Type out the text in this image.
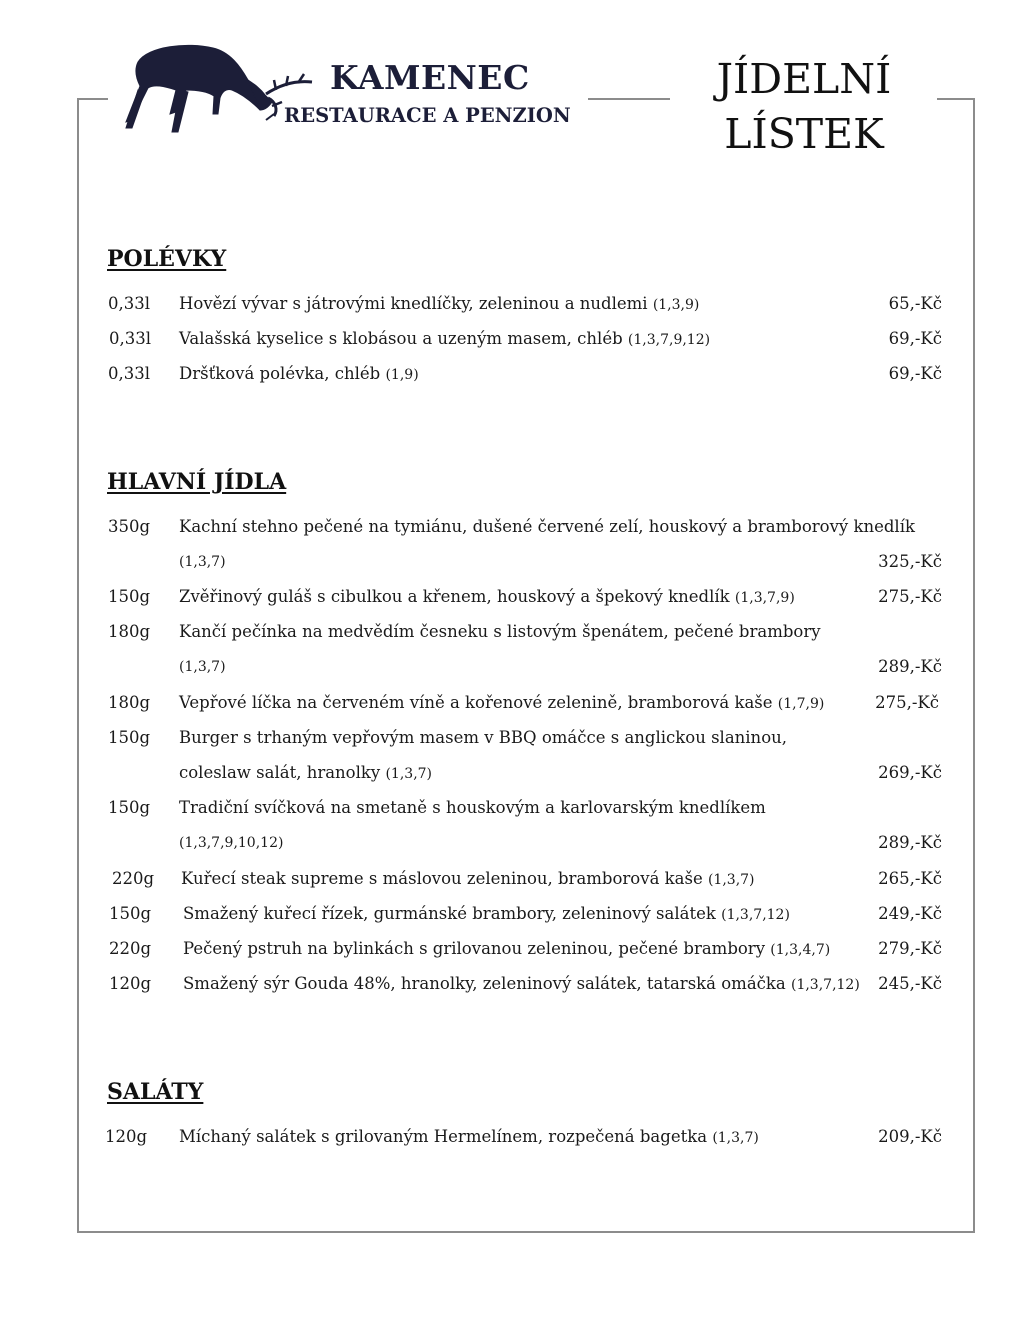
KAMENEC
RESTAURACE A PENZION
JÍDELNÍ
LÍSTEK
POLÉVKY
0,33l Hovězí vývar s játrovými knedlíčky, zeleninou a nudlemi (1,3,9)	65,-Kč
0,33l Valašská kyselice s klobásou a uzeným masem, chléb (1,3,7,9,12)	69,-Kč
0,33l Dršťková polévka, chléb (1,9)	69,-Kč
HLAVNÍ JÍDLA
350g Kachní stehno pečené na tymiánu, dušené červené zelí, houskový a bramborový knedlík
(1,3,7)	325,-Kč
150g Zvěřinový guláš s cibulkou a křenem, houskový a špekový knedlík (1,3,7,9)	275,-Kč
180g Kančí pečínka na medvědím česneku s listovým špenátem, pečené brambory
(1,3,7)	289,-Kč
180g Vepřové líčka na červeném víně a kořenové zelenině, bramborová kaše (1,7,9)	275,-Kč
150g Burger s trhaným vepřovým masem v BBQ omáčce s anglickou slaninou,
coleslaw salát, hranolky (1,3,7)	269,-Kč
150g Tradiční svíčková na smetaně s houskovým a karlovarským knedlíkem
(1,3,7,9,10,12)	289,-Kč
220g Kuřecí steak supreme s máslovou zeleninou, bramborová kaše (1,3,7)	265,-Kč
150g Smažený kuřecí řízek, gurmánské brambory, zeleninový salátek (1,3,7,12)	249,-Kč
220g Pečený pstruh na bylinkách s grilovanou zeleninou, pečené brambory (1,3,4,7)	279,-Kč
120g Smažený sýr Gouda 48%, hranolky, zeleninový salátek, tatarská omáčka (1,3,7,12) 245,-Kč
SALÁTY
120g Míchaný salátek s grilovaným Hermelínem, rozpečená bagetka (1,3,7)	209,-Kč
